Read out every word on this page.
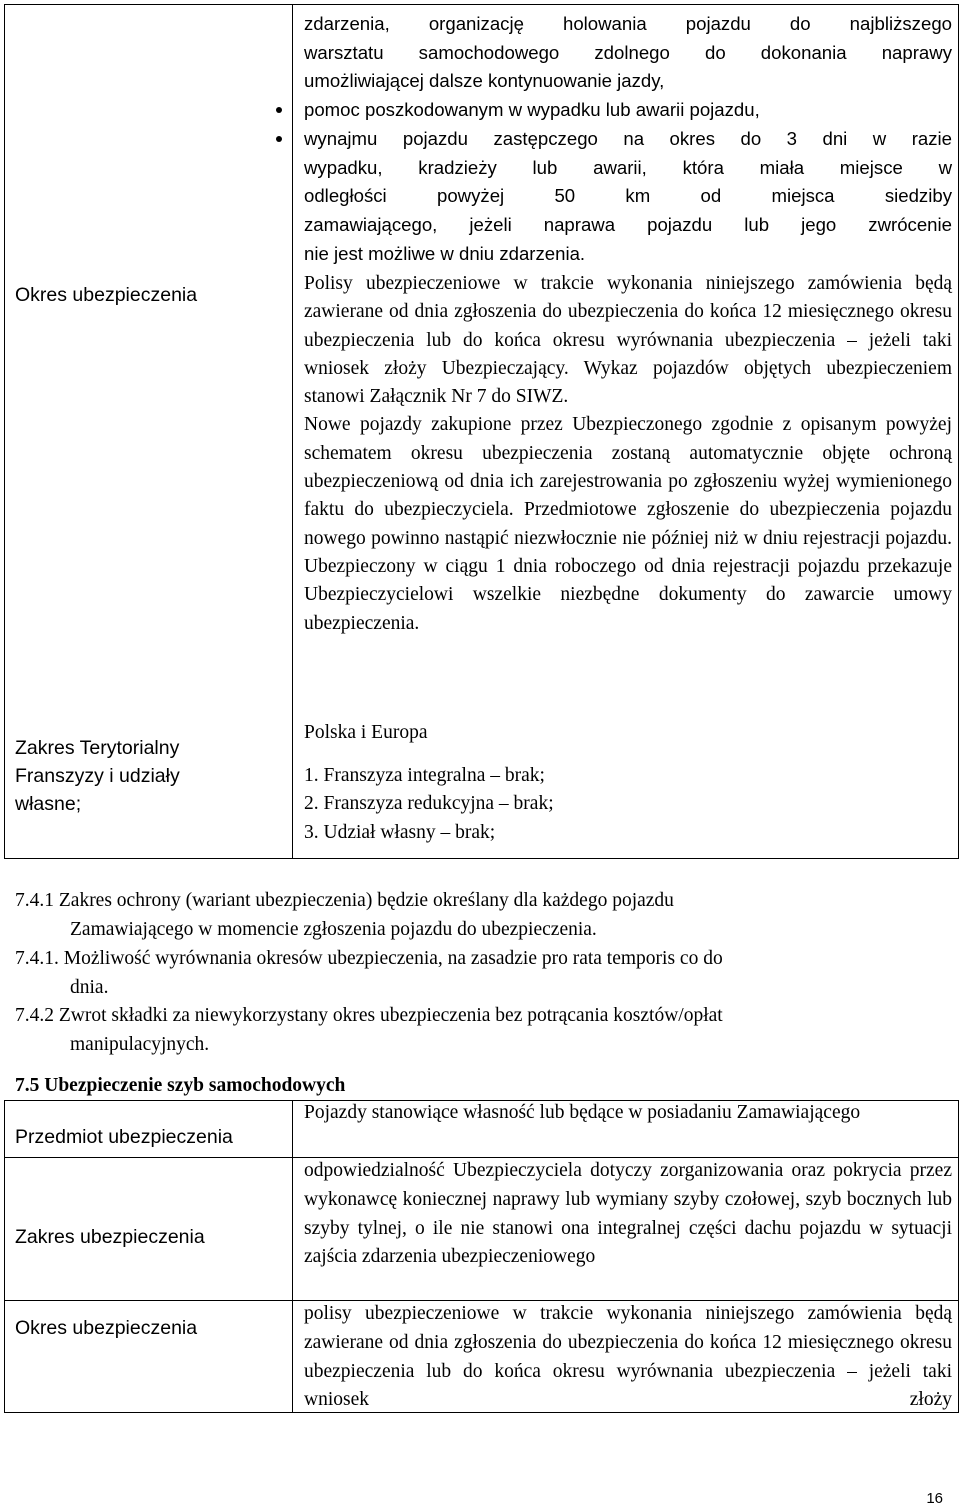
Okres ubezpieczenia
Zakres Terytorialny
Franszyzy i udziały
własne;
zdarzenia, organizację holowania pojazdu do najbliższego
warsztatu samochodowego zdolnego do dokonania naprawy
umożliwiającej dalsze kontynuowanie jazdy,
pomoc poszkodowanym w wypadku lub awarii pojazdu,
wynajmu pojazdu zastępczego na okres do 3 dni w razie
wypadku, kradzieży lub awarii, która miała miejsce w
odległości powyżej 50 km od miejsca siedziby
zamawiającego, jeżeli naprawa pojazdu lub jego zwrócenie
nie jest możliwe w dniu zdarzenia.

Polisy ubezpieczeniowe w trakcie wykonania niniejszego zamówienia będą zawierane od dnia zgłoszenia do ubezpieczenia do końca 12 miesięcznego okresu ubezpieczenia lub do końca okresu wyrównania ubezpieczenia – jeżeli taki wniosek złoży Ubezpieczający. Wykaz pojazdów objętych ubezpieczeniem stanowi Załącznik Nr 7 do SIWZ.

Nowe pojazdy zakupione przez Ubezpieczonego zgodnie z opisanym powyżej schematem okresu ubezpieczenia zostaną automatycznie objęte ochroną ubezpieczeniową od dnia ich zarejestrowania po zgłoszeniu wyżej wymienionego faktu do ubezpieczyciela. Przedmiotowe zgłoszenie do ubezpieczenia pojazdu nowego powinno nastąpić niezwłocznie nie później niż w dniu rejestracji pojazdu. Ubezpieczony w ciągu 1 dnia roboczego od dnia rejestracji pojazdu przekazuje Ubezpieczycielowi wszelkie niezbędne dokumenty do zawarcie umowy ubezpieczenia.

Polska i Europa
1. Franszyza integralna – brak;
2. Franszyza redukcyjna – brak;
3. Udział własny – brak;
7.4.1 Zakres ochrony (wariant ubezpieczenia) będzie określany dla każdego pojazdu
Zamawiającego w momencie zgłoszenia pojazdu do ubezpieczenia.
7.4.1. Możliwość wyrównania okresów ubezpieczenia, na zasadzie pro rata temporis co do
dnia.
7.4.2 Zwrot składki za niewykorzystany okres ubezpieczenia bez potrącania kosztów/opłat
manipulacyjnych.
7.5 Ubezpieczenie szyb samochodowych
Przedmiot ubezpieczenia
Pojazdy stanowiące własność lub będące w posiadaniu Zamawiającego
Zakres ubezpieczenia
odpowiedzialność Ubezpieczyciela dotyczy zorganizowania oraz pokrycia przez wykonawcę koniecznej naprawy lub wymiany szyby czołowej, szyb bocznych lub szyby tylnej, o ile nie stanowi ona integralnej części dachu pojazdu w sytuacji zajścia zdarzenia ubezpieczeniowego
Okres ubezpieczenia
polisy ubezpieczeniowe w trakcie wykonania niniejszego zamówienia będą zawierane od dnia zgłoszenia do ubezpieczenia do końca 12 miesięcznego okresu ubezpieczenia lub do końca okresu wyrównania ubezpieczenia – jeżeli taki wniosek złoży
16
